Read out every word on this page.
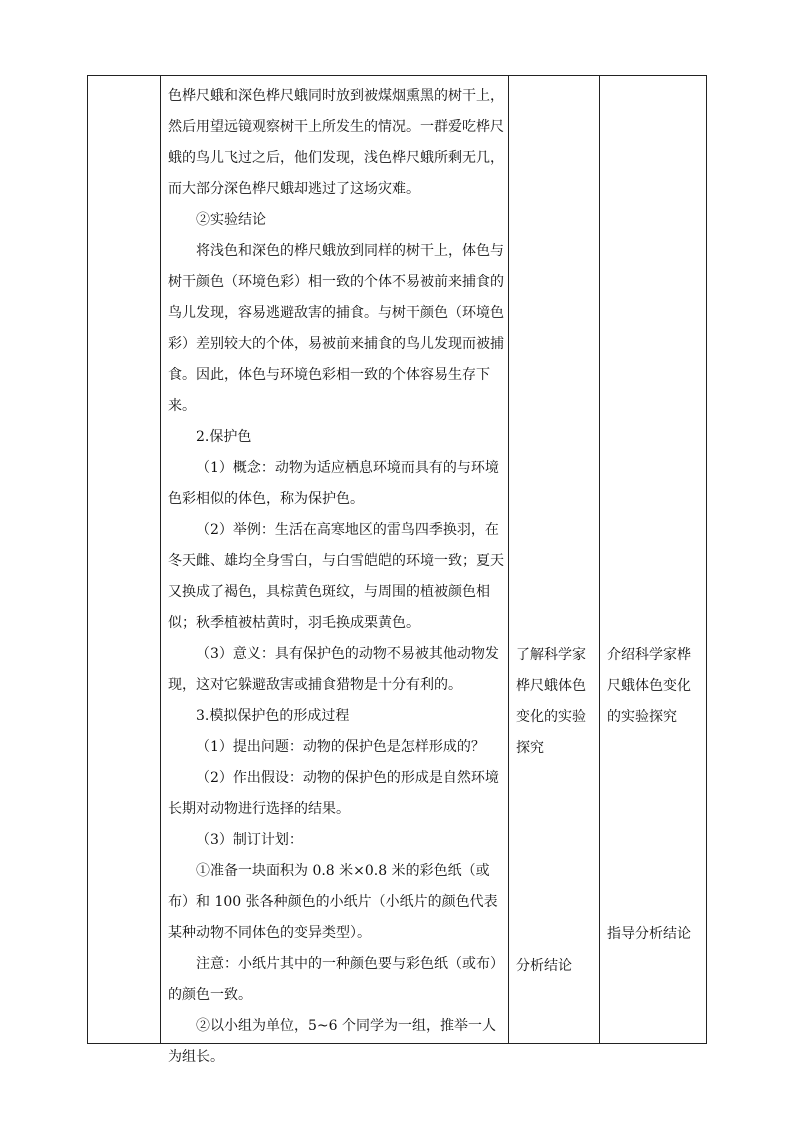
色桦尺蛾和深色桦尺蛾同时放到被煤烟熏黑的树干上，然后用望远镜观察树干上所发生的情况。一群爱吃桦尺蛾的鸟儿飞过之后，他们发现，浅色桦尺蛾所剩无几，而大部分深色桦尺蛾却逃过了这场灾难。

②实验结论

将浅色和深色的桦尺蛾放到同样的树干上，体色与树干颜色（环境色彩）相一致的个体不易被前来捕食的鸟儿发现，容易逃避敌害的捕食。与树干颜色（环境色彩）差别较大的个体，易被前来捕食的鸟儿发现而被捕食。因此，体色与环境色彩相一致的个体容易生存下来。

2.保护色

（1）概念：动物为适应栖息环境而具有的与环境色彩相似的体色，称为保护色。

（2）举例：生活在高寒地区的雷鸟四季换羽，在冬天雌、雄均全身雪白，与白雪皑皑的环境一致；夏天又换成了褐色，具棕黄色斑纹，与周围的植被颜色相似；秋季植被枯黄时，羽毛换成栗黄色。

（3）意义：具有保护色的动物不易被其他动物发现，这对它躲避敌害或捕食猎物是十分有利的。

3.模拟保护色的形成过程

（1）提出问题：动物的保护色是怎样形成的？

（2）作出假设：动物的保护色的形成是自然环境长期对动物进行选择的结果。

（3）制订计划：

①准备一块面积为 0.8 米×0.8 米的彩色纸（或布）和 100 张各种颜色的小纸片（小纸片的颜色代表某种动物不同体色的变异类型）。

注意：小纸片其中的一种颜色要与彩色纸（或布）的颜色一致。

②以小组为单位，5~6 个同学为一组，推举一人为组长。

了解科学家桦尺蛾体色变化的实验探究

分析结论

介绍科学家桦尺蛾体色变化的实验探究

指导分析结论
